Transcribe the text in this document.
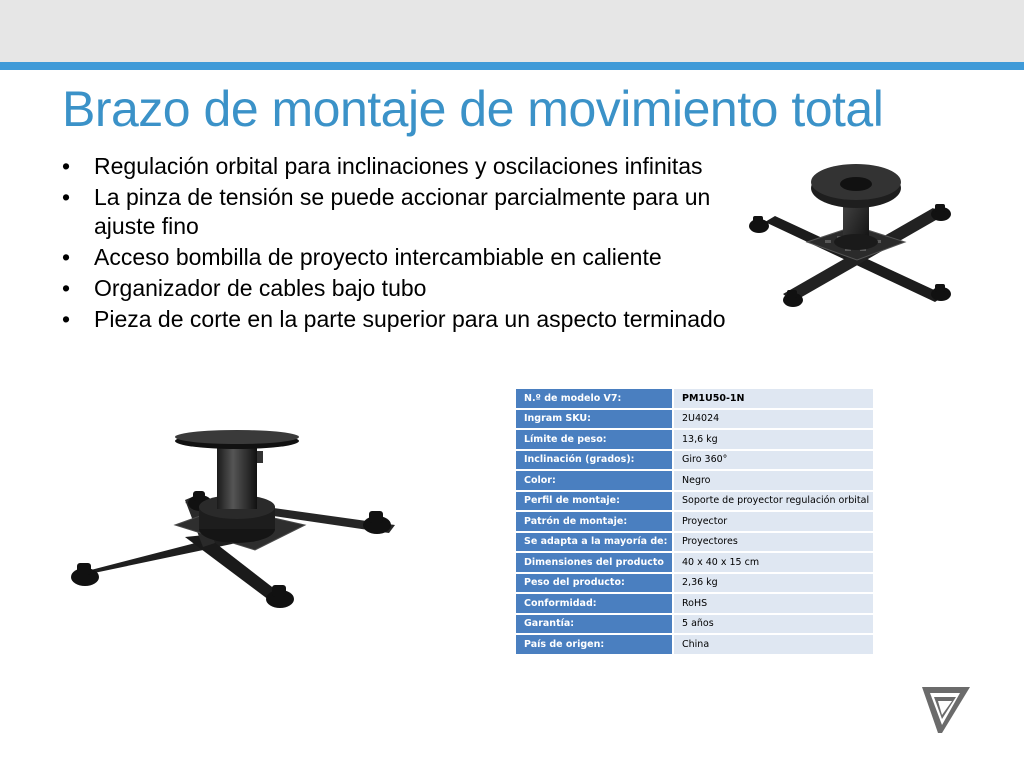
Brazo de montaje de movimiento total
• Regulación orbital para inclinaciones y oscilaciones infinitas
• La pinza de tensión se puede accionar parcialmente para un ajuste fino
• Acceso bombilla de proyecto intercambiable en caliente
• Organizador de cables bajo tubo
• Pieza de corte en la parte superior para un aspecto terminado
N.º de modelo V7:	PM1U50-1N
Ingram SKU:	2U4024
Límite de peso:	13,6 kg
Inclinación (grados):	Giro 360°
Color:	Negro
Perfil de montaje:	Soporte de proyector regulación orbital
Patrón de montaje:	Proyector
Se adapta a la mayoría de:	Proyectores
Dimensiones del producto	40 x 40 x 15 cm
Peso del producto:	2,36 kg
Conformidad:	RoHS
Garantía:	5 años
País de origen:	China
